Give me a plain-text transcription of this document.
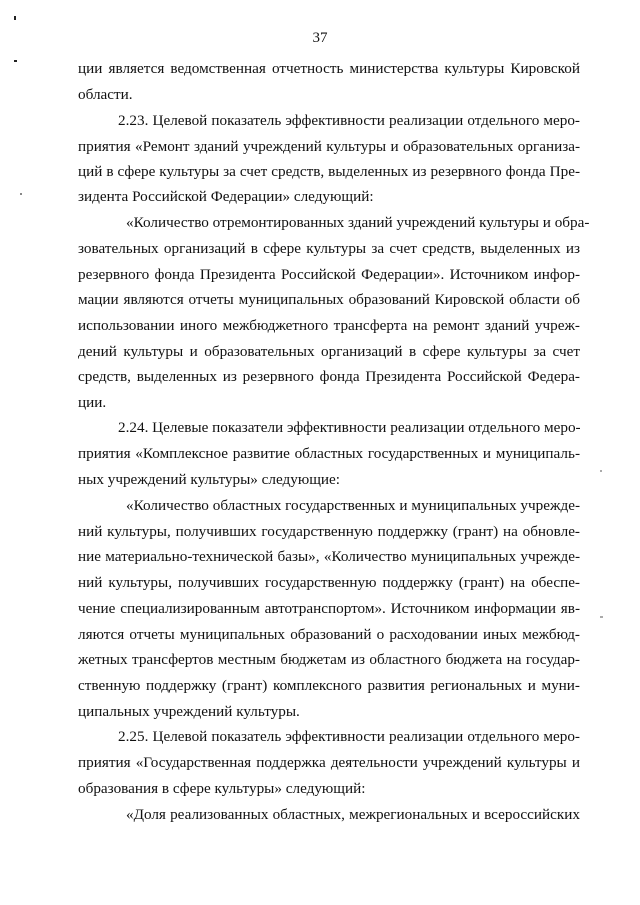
37
ции является ведомственная отчетность министерства культуры Кировской
области.
2.23. Целевой показатель эффективности реализации отдельного меро-
приятия «Ремонт зданий учреждений культуры и образовательных организа-
ций в сфере культуры за счет средств, выделенных из резервного фонда Пре-
зидента Российской Федерации» следующий:
«Количество отремонтированных зданий учреждений культуры и обра-
зовательных организаций в сфере культуры за счет средств, выделенных из
резервного фонда Президента Российской Федерации». Источником инфор-
мации являются отчеты муниципальных образований Кировской области об
использовании иного межбюджетного трансферта на ремонт зданий учреж-
дений культуры и образовательных организаций в сфере культуры за счет
средств, выделенных из резервного фонда Президента Российской Федера-
ции.
2.24. Целевые показатели эффективности реализации отдельного меро-
приятия «Комплексное развитие областных государственных и муниципаль-
ных учреждений культуры» следующие:
«Количество областных государственных и муниципальных учрежде-
ний культуры, получивших государственную поддержку (грант) на обновле-
ние материально-технической базы», «Количество муниципальных учрежде-
ний культуры, получивших государственную поддержку (грант) на обеспе-
чение специализированным автотранспортом». Источником информации яв-
ляются отчеты муниципальных образований о расходовании иных межбюд-
жетных трансфертов местным бюджетам из областного бюджета на государ-
ственную поддержку (грант) комплексного развития региональных и муни-
ципальных учреждений культуры.
2.25. Целевой показатель эффективности реализации отдельного меро-
приятия «Государственная поддержка деятельности учреждений культуры и
образования в сфере культуры» следующий:
«Доля реализованных областных, межрегиональных и всероссийских
